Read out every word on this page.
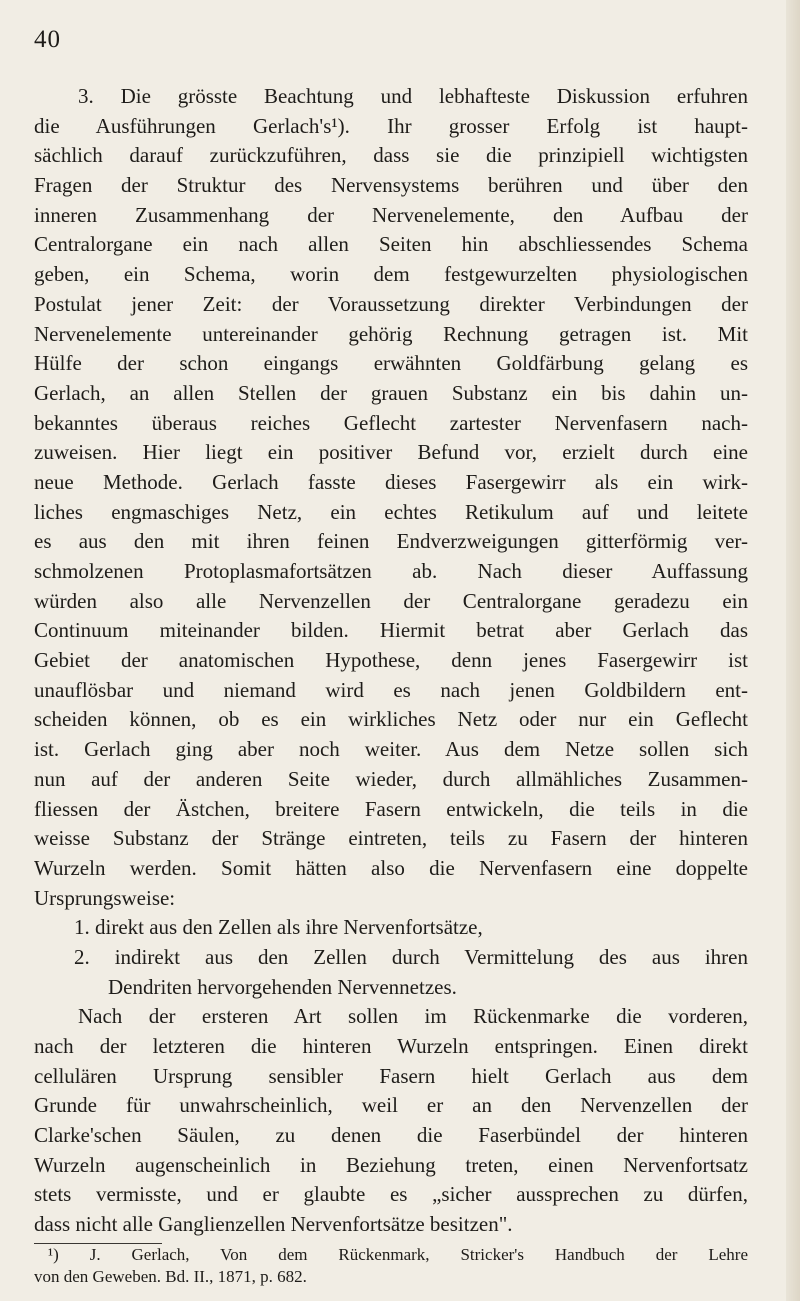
40
3. Die grösste Beachtung und lebhafteste Diskussion erfuhren
die Ausführungen Gerlach's¹). Ihr grosser Erfolg ist haupt-
sächlich darauf zurückzuführen, dass sie die prinzipiell wichtigsten
Fragen der Struktur des Nervensystems berühren und über den
inneren Zusammenhang der Nervenelemente, den Aufbau der
Centralorgane ein nach allen Seiten hin abschliessendes Schema
geben, ein Schema, worin dem festgewurzelten physiologischen
Postulat jener Zeit: der Voraussetzung direkter Verbindungen der
Nervenelemente untereinander gehörig Rechnung getragen ist. Mit
Hülfe der schon eingangs erwähnten Goldfärbung gelang es
Gerlach, an allen Stellen der grauen Substanz ein bis dahin un-
bekanntes überaus reiches Geflecht zartester Nervenfasern nach-
zuweisen. Hier liegt ein positiver Befund vor, erzielt durch eine
neue Methode. Gerlach fasste dieses Fasergewirr als ein wirk-
liches engmaschiges Netz, ein echtes Retikulum auf und leitete
es aus den mit ihren feinen Endverzweigungen gitterförmig ver-
schmolzenen Protoplasmafortsätzen ab. Nach dieser Auffassung
würden also alle Nervenzellen der Centralorgane geradezu ein
Continuum miteinander bilden. Hiermit betrat aber Gerlach das
Gebiet der anatomischen Hypothese, denn jenes Fasergewirr ist
unauflösbar und niemand wird es nach jenen Goldbildern ent-
scheiden können, ob es ein wirkliches Netz oder nur ein Geflecht
ist. Gerlach ging aber noch weiter. Aus dem Netze sollen sich
nun auf der anderen Seite wieder, durch allmähliches Zusammen-
fliessen der Ästchen, breitere Fasern entwickeln, die teils in die
weisse Substanz der Stränge eintreten, teils zu Fasern der hinteren
Wurzeln werden. Somit hätten also die Nervenfasern eine doppelte
Ursprungsweise:
1. direkt aus den Zellen als ihre Nervenfortsätze,
2. indirekt aus den Zellen durch Vermittelung des aus ihren
Dendriten hervorgehenden Nervennetzes.
Nach der ersteren Art sollen im Rückenmarke die vorderen,
nach der letzteren die hinteren Wurzeln entspringen. Einen direkt
cellulären Ursprung sensibler Fasern hielt Gerlach aus dem
Grunde für unwahrscheinlich, weil er an den Nervenzellen der
Clarke'schen Säulen, zu denen die Faserbündel der hinteren
Wurzeln augenscheinlich in Beziehung treten, einen Nervenfortsatz
stets vermisste, und er glaubte es „sicher aussprechen zu dürfen,
dass nicht alle Ganglienzellen Nervenfortsätze besitzen".
¹) J. Gerlach, Von dem Rückenmark, Stricker's Handbuch der Lehre
von den Geweben. Bd. II., 1871, p. 682.
